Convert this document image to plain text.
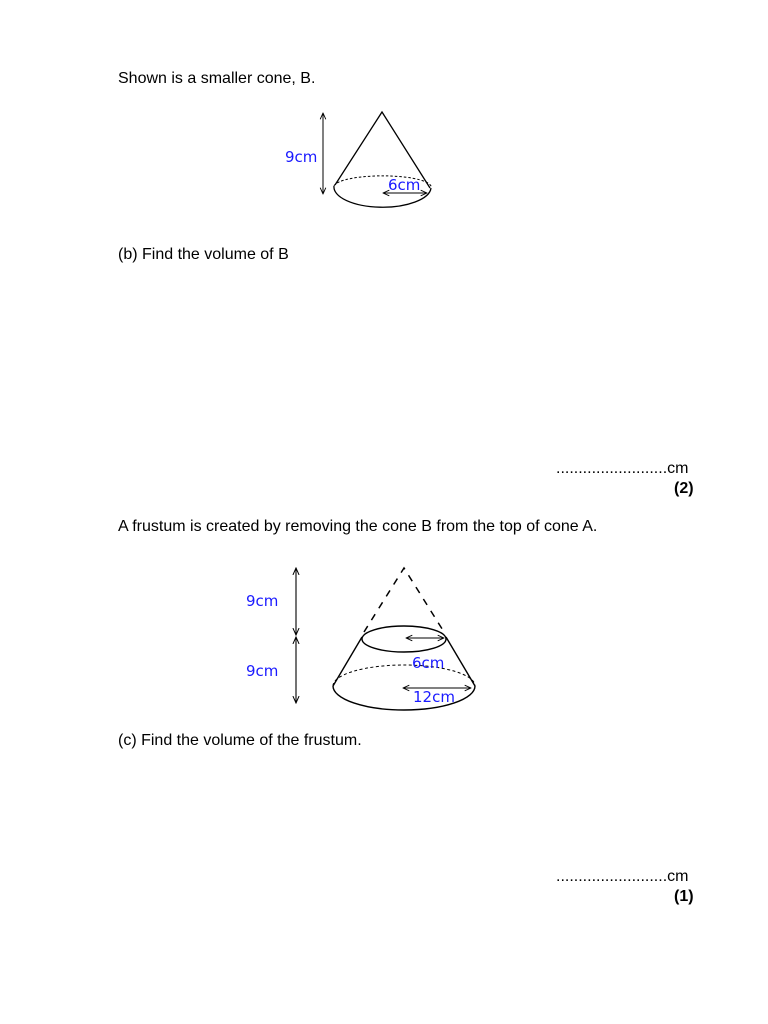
Shown is a smaller cone, B.
9cm
6cm
(b) Find the volume of B
.........................cm
(2)
A frustum is created by removing the cone B from the top of cone A.
9cm
9cm	6cm
12cm
(c) Find the volume of the frustum.
.........................cm
(1)
